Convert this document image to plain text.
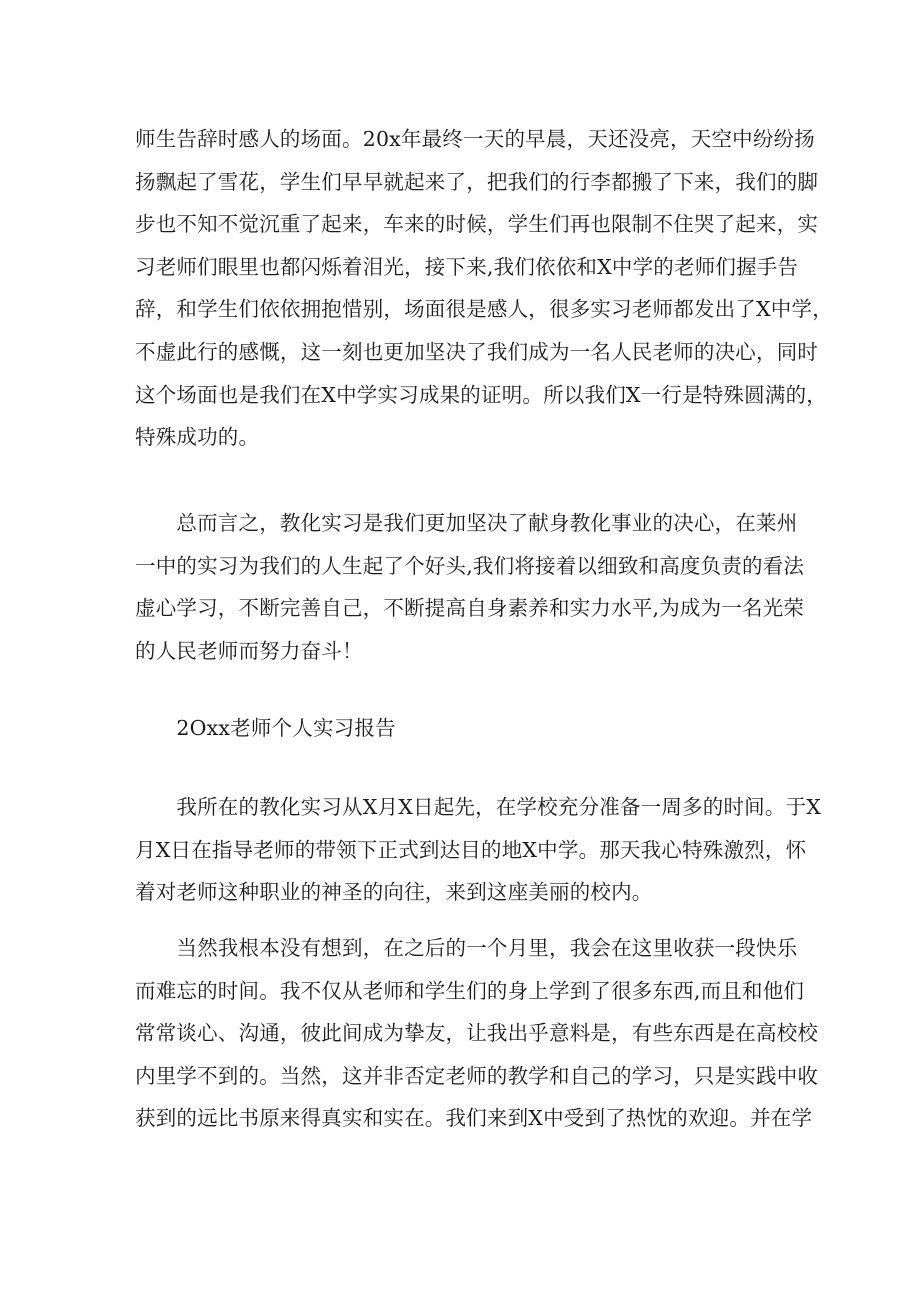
师生告辞时感人的场面。20x年最终一天的早晨，天还没亮，天空中纷纷扬
扬飘起了雪花，学生们早早就起来了，把我们的行李都搬了下来，我们的脚
步也不知不觉沉重了起来，车来的时候，学生们再也限制不住哭了起来，实
习老师们眼里也都闪烁着泪光，接下来,我们依依和X中学的老师们握手告
辞，和学生们依依拥抱惜别，场面很是感人，很多实习老师都发出了X中学，
不虚此行的感慨，这一刻也更加坚决了我们成为一名人民老师的决心，同时
这个场面也是我们在X中学实习成果的证明。所以我们X一行是特殊圆满的，
特殊成功的。
　　总而言之，教化实习是我们更加坚决了献身教化事业的决心，在莱州
一中的实习为我们的人生起了个好头,我们将接着以细致和高度负责的看法
虚心学习，不断完善自己，不断提高自身素养和实力水平,为成为一名光荣
的人民老师而努力奋斗！
　　2Oxx老师个人实习报告
　　我所在的教化实习从X月X日起先，在学校充分准备一周多的时间。于X
月X日在指导老师的带领下正式到达目的地X中学。那天我心特殊激烈，怀
着对老师这种职业的神圣的向往，来到这座美丽的校内。
　　当然我根本没有想到，在之后的一个月里，我会在这里收获一段快乐
而难忘的时间。我不仅从老师和学生们的身上学到了很多东西,而且和他们
常常谈心、沟通，彼此间成为挚友，让我出乎意料是，有些东西是在高校校
内里学不到的。当然，这并非否定老师的教学和自己的学习，只是实践中收
获到的远比书原来得真实和实在。我们来到X中受到了热忱的欢迎。并在学
